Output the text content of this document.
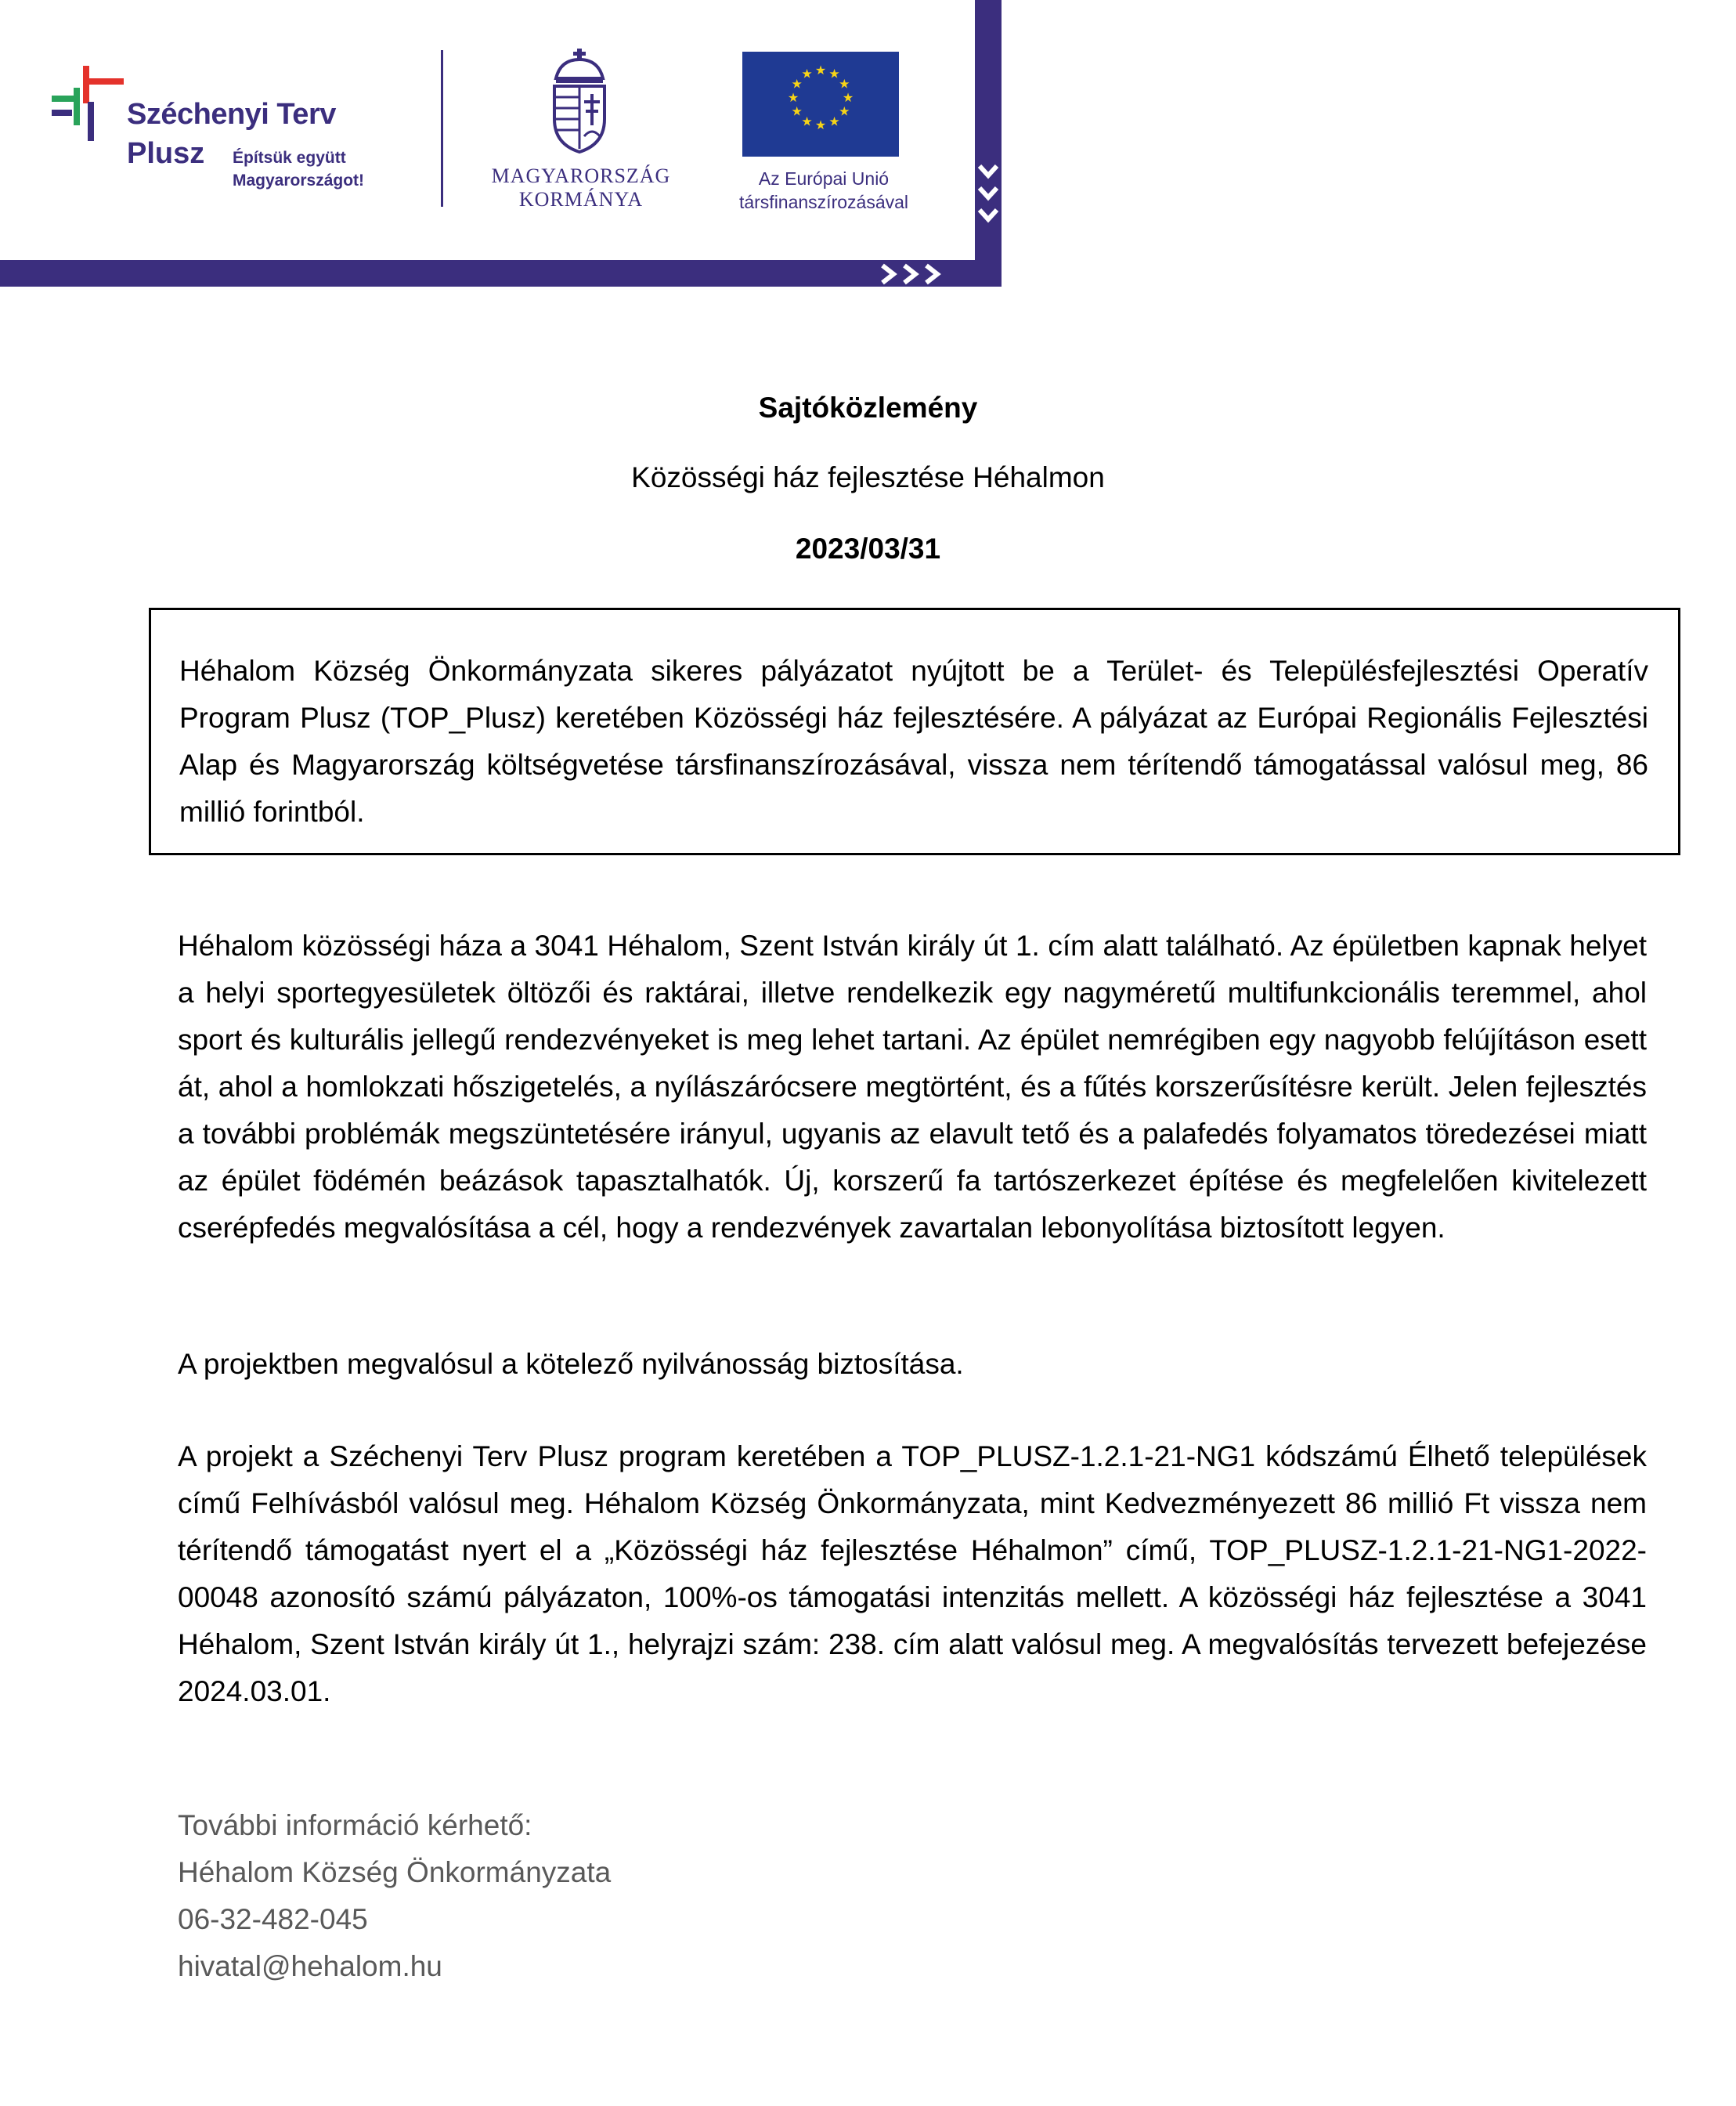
Széchenyi Terv
Plusz Építsük együtt
Magyarországot!	MAGYARORSZÁG
KORMÁNYA
★ ★
★
★
★
★
★
★
★
★
★
★
Az Európai Unió
társfinanszírozásával
Sajtóközlemény
Közösségi ház fejlesztése Héhalmon
2023/03/31

Héhalom Község Önkormányzata sikeres pályázatot nyújtott be a Terület- és Településfejlesztési Operatív Program Plusz (TOP_Plusz) keretében Közösségi ház fejlesztésére. A pályázat az Európai Regionális Fejlesztési Alap és Magyarország költségvetése társfinanszírozásával, vissza nem térítendő támogatással valósul meg, 86 millió forintból.

Héhalom közösségi háza a 3041 Héhalom, Szent István király út 1. cím alatt található. Az épületben kapnak helyet a helyi sportegyesületek öltözői és raktárai, illetve rendelkezik egy nagyméretű multifunkcionális teremmel, ahol sport és kulturális jellegű rendezvényeket is meg lehet tartani. Az épület nemrégiben egy nagyobb felújításon esett át, ahol a homlokzati hőszigetelés, a nyílászárócsere megtörtént, és a fűtés korszerűsítésre került. Jelen fejlesztés a további problémák megszüntetésére irányul, ugyanis az elavult tető és a palafedés folyamatos töredezései miatt az épület födémén beázások tapasztalhatók. Új, korszerű fa tartószerkezet építése és megfelelően kivitelezett cserépfedés megvalósítása a cél, hogy a rendezvények zavartalan lebonyolítása biztosított legyen.

A projektben megvalósul a kötelező nyilvánosság biztosítása.

A projekt a Széchenyi Terv Plusz program keretében a TOP_PLUSZ-1.2.1-21-NG1 kódszámú Élhető települések című Felhívásból valósul meg. Héhalom Község Önkormányzata, mint Kedvezményezett 86 millió Ft vissza nem térítendő támogatást nyert el a „Közösségi ház fejlesztése Héhalmon” című, TOP_PLUSZ-1.2.1-21-NG1-2022-00048 azonosító számú pályázaton, 100%-os támogatási intenzitás mellett. A közösségi ház fejlesztése a 3041 Héhalom, Szent István király út 1., helyrajzi szám: 238. cím alatt valósul meg. A megvalósítás tervezett befejezése 2024.03.01.

További információ kérhető:
Héhalom Község Önkormányzata
06-32-482-045
hivatal@hehalom.hu
